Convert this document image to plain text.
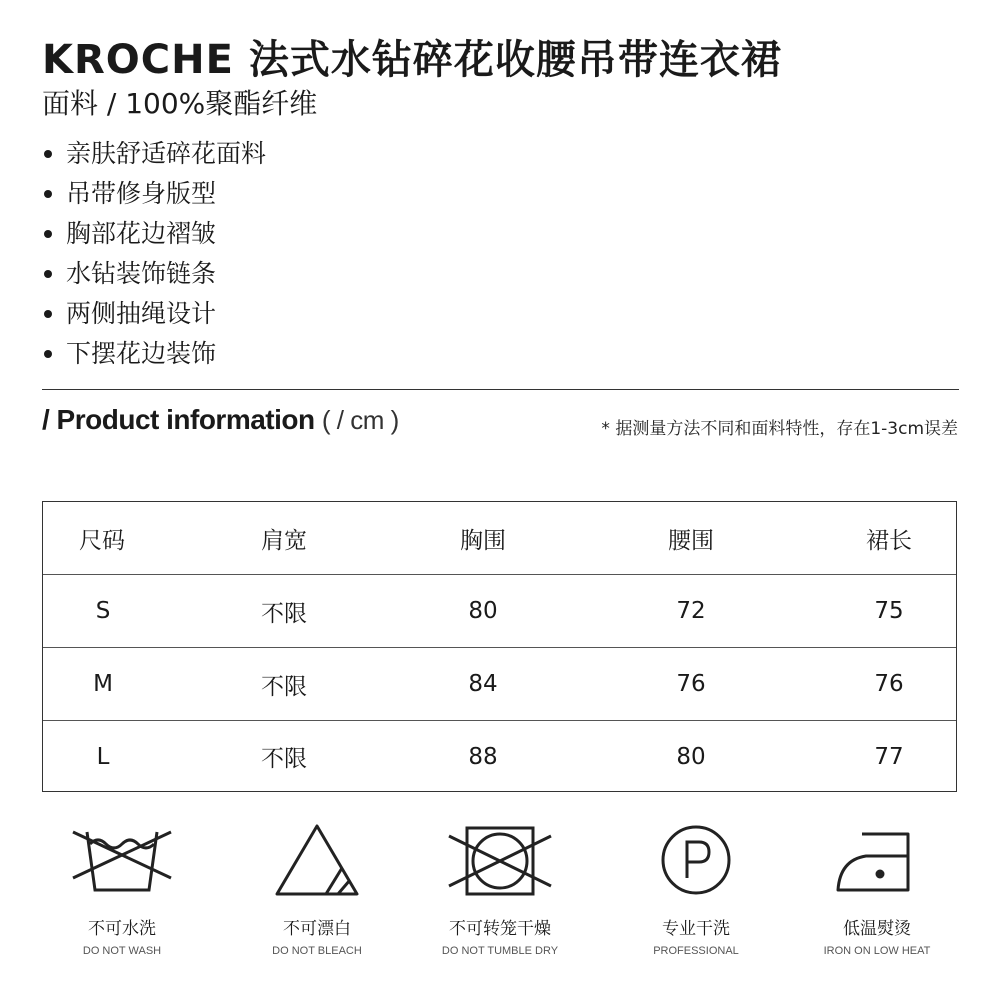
KROCHE 法式水钻碎花收腰吊带连衣裙
面料 / 100%聚酯纤维
亲肤舒适碎花面料
吊带修身版型
胸部花边褶皱
水钻装饰链条
两侧抽绳设计
下摆花边装饰
/ Product information ( / cm )	* 据测量方法不同和面料特性，存在1-3cm误差
尺码	肩宽	胸围	腰围	裙长
S	不限	80	72	75
M	不限	84	76	76
L	不限	88	80	77
不可水洗
DO NOT WASH
不可漂白
DO NOT BLEACH
不可转笼干燥
DO NOT TUMBLE DRY
专业干洗
PROFESSIONAL
低温熨烫
IRON ON LOW HEAT
